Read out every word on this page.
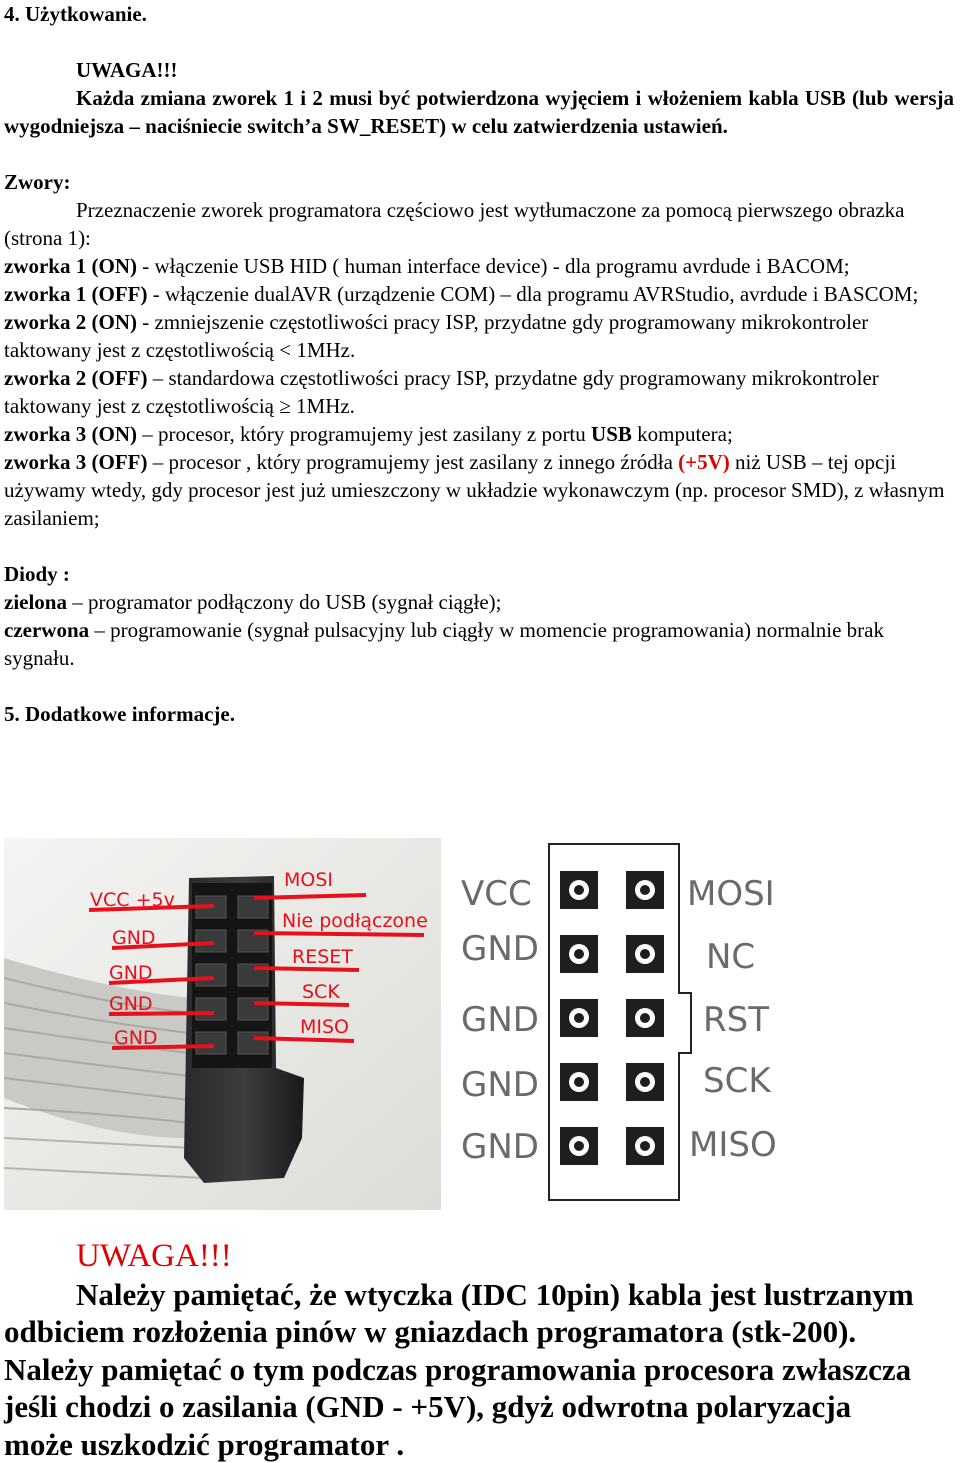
4. Użytkowanie.

UWAGA!!!
Każda zmiana zworek 1 i 2 musi być potwierdzona wyjęciem i włożeniem kabla USB (lub wersja wygodniejsza – naciśniecie switch’a SW_RESET) w celu zatwierdzenia ustawień.

Zwory:

Przeznaczenie zworek programatora częściowo jest wytłumaczone za pomocą pierwszego obrazka (strona 1):

zworka 1 (ON) - włączenie USB HID ( human interface device) - dla programu avrdude i BACOM;

zworka 1 (OFF) - włączenie dualAVR (urządzenie COM) – dla programu AVRStudio, avrdude i BASCOM;

zworka 2 (ON) - zmniejszenie częstotliwości pracy ISP, przydatne gdy programowany mikrokontroler taktowany jest z częstotliwością < 1MHz.

zworka 2 (OFF) – standardowa częstotliwości pracy ISP, przydatne gdy programowany mikrokontroler taktowany jest z częstotliwością ≥ 1MHz.

zworka 3 (ON) – procesor, który programujemy jest zasilany z portu USB komputera;

zworka 3 (OFF) – procesor , który programujemy jest zasilany z innego źródła (+5V) niż USB – tej opcji używamy wtedy, gdy procesor jest już umieszczony w układzie wykonawczym (np. procesor SMD), z własnym zasilaniem;

Diody :

zielona – programator podłączony do USB (sygnał ciągłe);

czerwona – programowanie (sygnał pulsacyjny lub ciągły w momencie programowania) normalnie brak sygnału.

5. Dodatkowe informacje.

VCC +5v
GND
GND
GND
GND
MOSI
Nie podłączone
RESET
SCK
MISO
VCC
GND
GND
GND
GND
MOSI
NC
RST
SCK
MISO
UWAGA!!!
Należy pamiętać, że wtyczka (IDC 10pin) kabla jest lustrzanym
odbiciem rozłożenia pinów w gniazdach programatora (stk-200).
Należy pamiętać o tym podczas programowania procesora zwłaszcza
jeśli chodzi o zasilania (GND - +5V), gdyż odwrotna polaryzacja
może uszkodzić programator .
